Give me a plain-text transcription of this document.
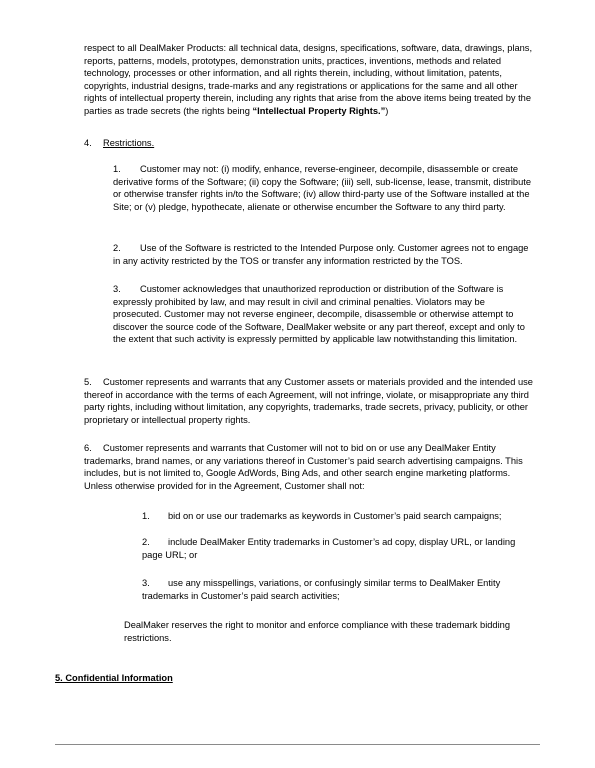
respect to all DealMaker Products: all technical data, designs, specifications, software, data, drawings, plans, reports, patterns, models, prototypes, demonstration units, practices, inventions, methods and related technology, processes or other information, and all rights therein, including, without limitation, patents, copyrights, industrial designs, trade-marks and any registrations or applications for the same and all other rights of intellectual property therein, including any rights that arise from the above items being treated by the parties as trade secrets (the rights being “Intellectual Property Rights.”)

4. Restrictions.

1. Customer may not: (i) modify, enhance, reverse-engineer, decompile, disassemble or create derivative forms of the Software; (ii) copy the Software; (iii) sell, sub-license, lease, transmit, distribute or otherwise transfer rights in/to the Software; (iv) allow third-party use of the Software installed at the Site; or (v) pledge, hypothecate, alienate or otherwise encumber the Software to any third party.

2. Use of the Software is restricted to the Intended Purpose only. Customer agrees not to engage in any activity restricted by the TOS or transfer any information restricted by the TOS.

3. Customer acknowledges that unauthorized reproduction or distribution of the Software is expressly prohibited by law, and may result in civil and criminal penalties. Violators may be prosecuted. Customer may not reverse engineer, decompile, disassemble or otherwise attempt to discover the source code of the Software, DealMaker website or any part thereof, except and only to the extent that such activity is expressly permitted by applicable law notwithstanding this limitation.

5. Customer represents and warrants that any Customer assets or materials provided and the intended use thereof in accordance with the terms of each Agreement, will not infringe, violate, or misappropriate any third party rights, including without limitation, any copyrights, trademarks, trade secrets, privacy, publicity, or other proprietary or intellectual property rights.

6. Customer represents and warrants that Customer will not to bid on or use any DealMaker Entity trademarks, brand names, or any variations thereof in Customer’s paid search advertising campaigns. This includes, but is not limited to, Google AdWords, Bing Ads, and other search engine marketing platforms. Unless otherwise provided for in the Agreement, Customer shall not:

1. bid on or use our trademarks as keywords in Customer’s paid search campaigns;

2. include DealMaker Entity trademarks in Customer’s ad copy, display URL, or landing page URL; or

3. use any misspellings, variations, or confusingly similar terms to DealMaker Entity trademarks in Customer’s paid search activities;

DealMaker reserves the right to monitor and enforce compliance with these trademark bidding restrictions.

5. Confidential Information
